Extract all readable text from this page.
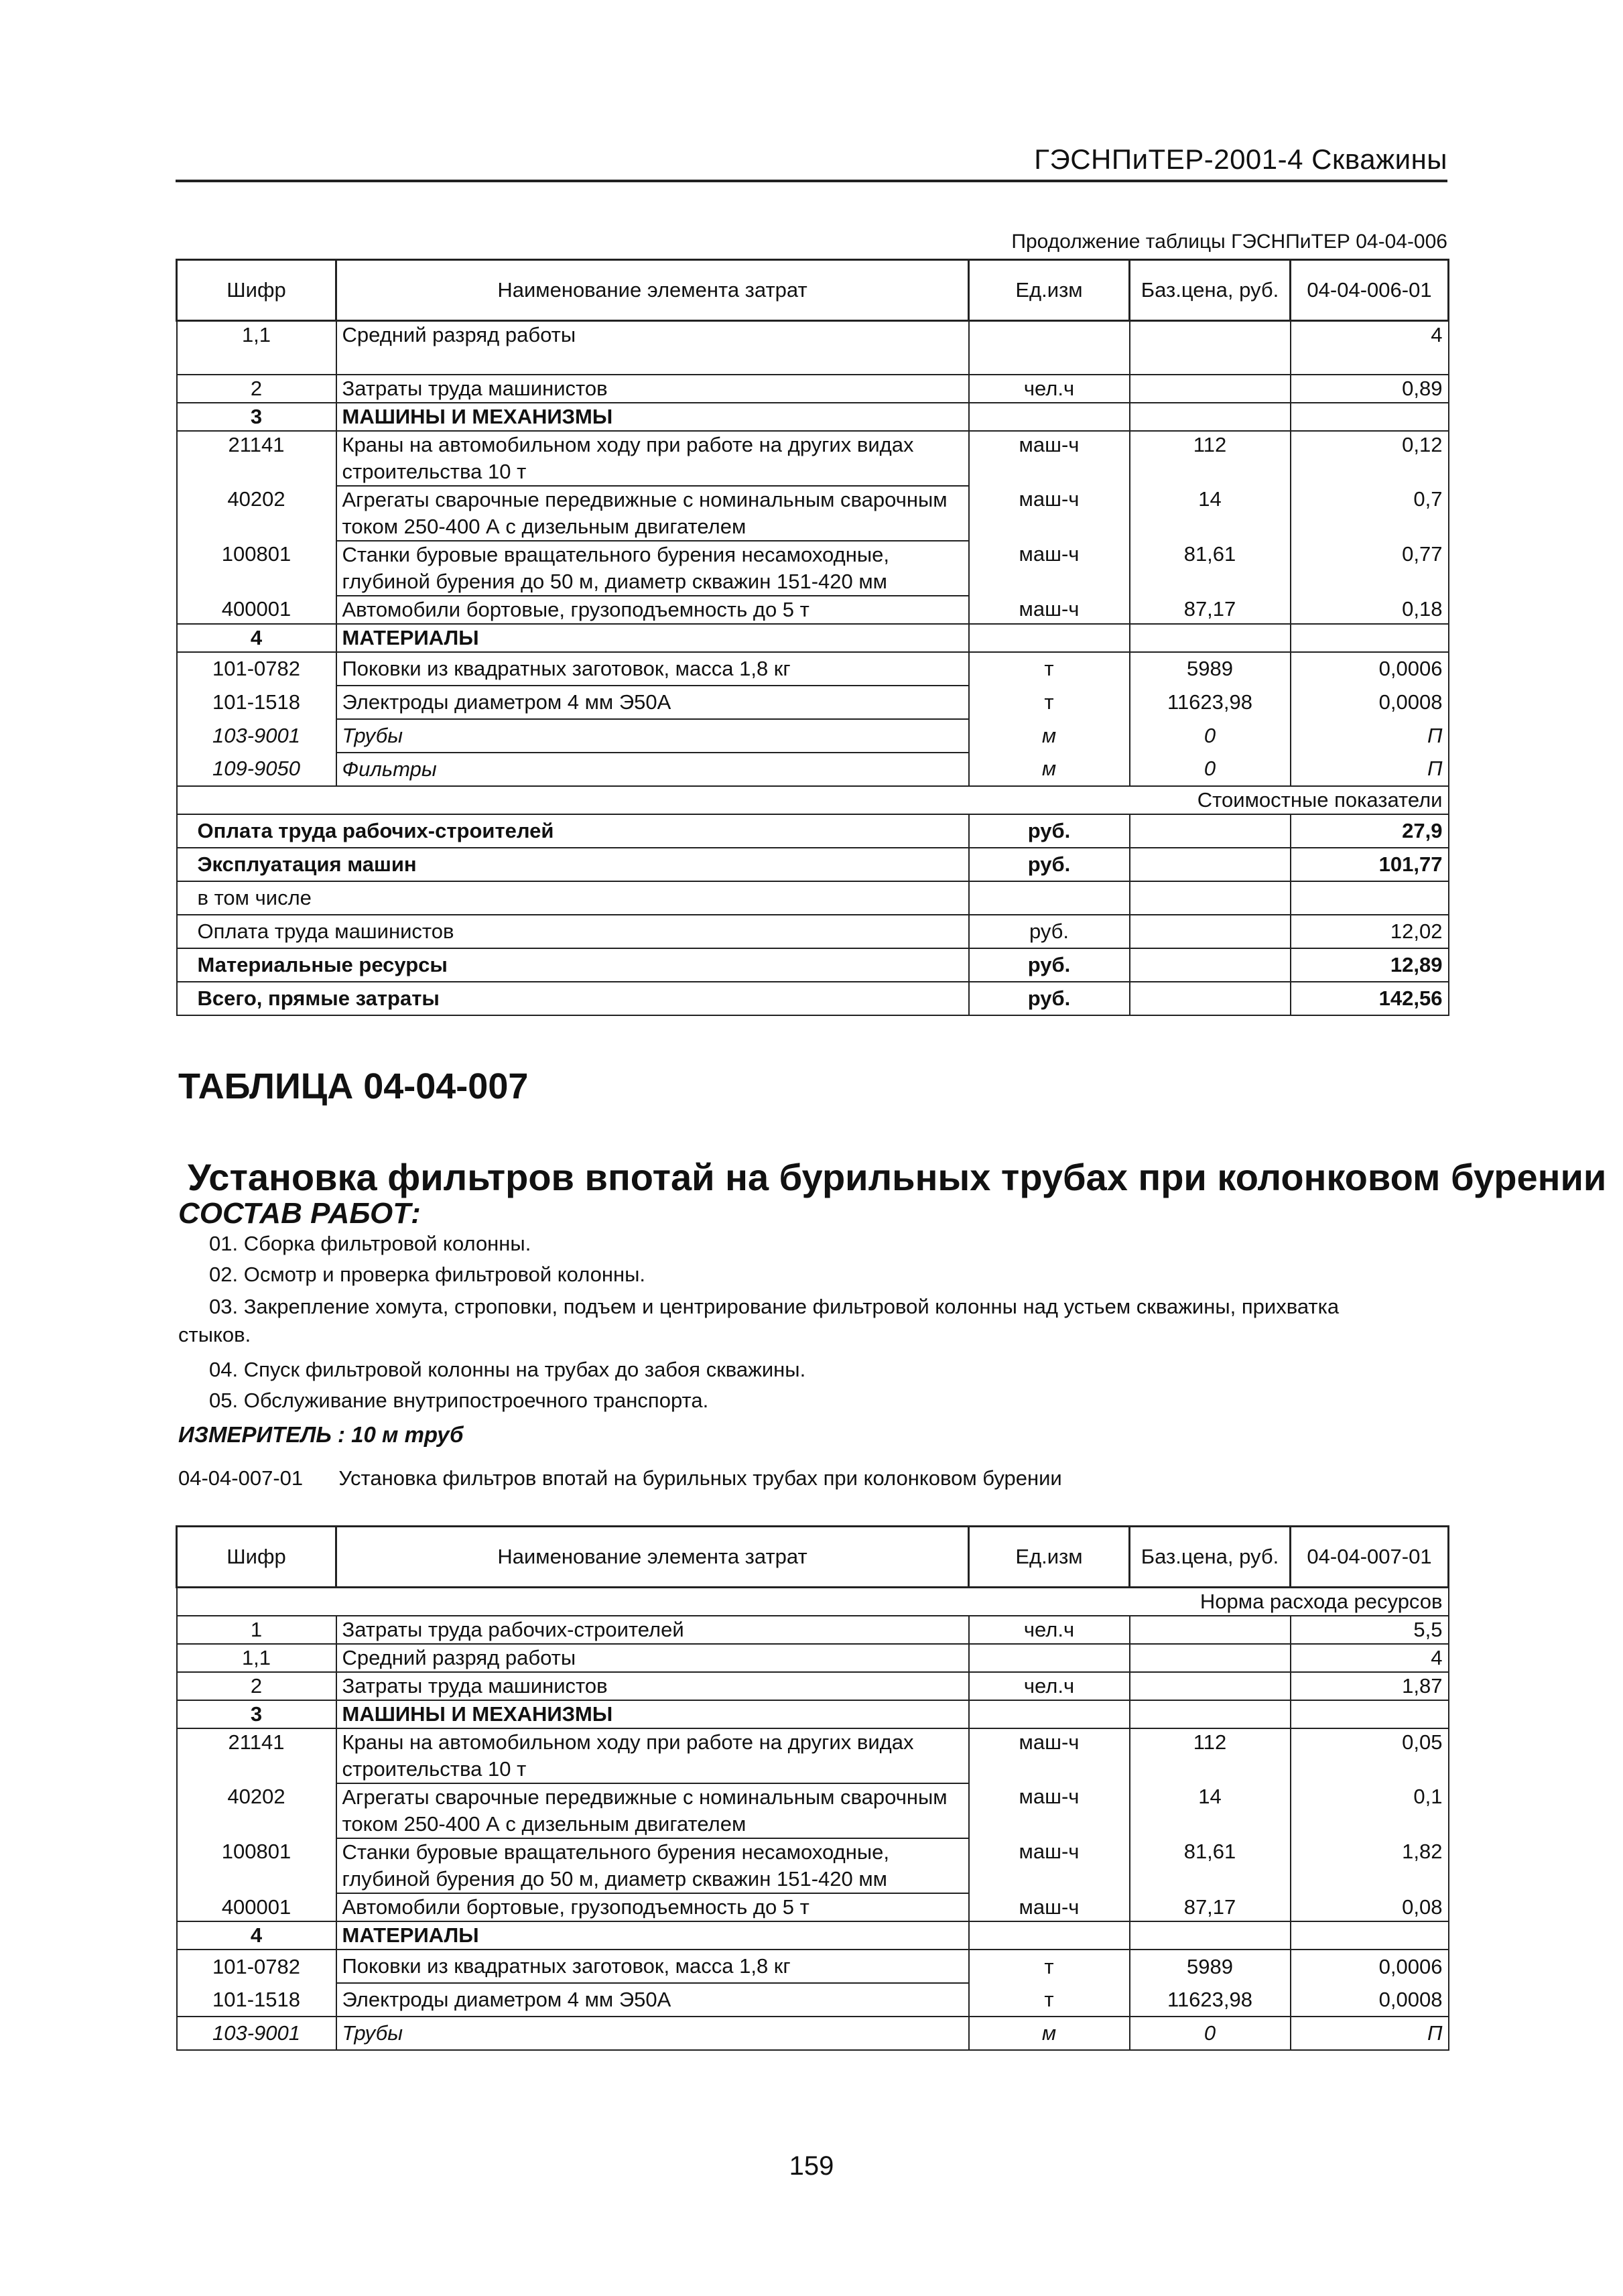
ГЭСНПиТЕР-2001-4 Скважины
Продолжение таблицы ГЭСНПиТЕР 04-04-006
Шифр	Наименование элемента затрат	Ед.изм	Баз.цена, руб.	04-04-006-01
1,1	Средний разряд работы			4
2	Затраты труда машинистов	чел.ч		0,89
3	МАШИНЫ И МЕХАНИЗМЫ			
21141	Краны на автомобильном ходу при работе на других видах строительства 10 т	маш-ч	112	0,12
40202	Агрегаты сварочные передвижные с номинальным сварочным током 250-400 А с дизельным двигателем	маш-ч	14	0,7
100801	Станки буровые вращательного бурения несамоходные, глубиной бурения до 50 м, диаметр скважин 151-420 мм	маш-ч	81,61	0,77
400001	Автомобили бортовые, грузоподъемность до 5 т	маш-ч	87,17	0,18
4	МАТЕРИАЛЫ			
101-0782	Поковки из квадратных заготовок, масса 1,8 кг	т	5989	0,0006
101-1518	Электроды диаметром 4 мм Э50А	т	11623,98	0,0008
103-9001	Трубы	м	0	П
109-9050	Фильтры	м	0	П
Стоимостные показатели				
Оплата труда рабочих-строителей		руб.		27,9
Эксплуатация машин		руб.		101,77
в том числе				
Оплата труда машинистов		руб.		12,02
Материальные ресурсы		руб.		12,89
Всего, прямые затраты		руб.		142,56
ТАБЛИЦА 04-04-007
Установка фильтров впотай на бурильных трубах при колонковом бурении
СОСТАВ РАБОТ:
01. Сборка фильтровой колонны.
02. Осмотр и проверка фильтровой колонны.
03. Закрепление хомута, строповки, подъем и центрирование фильтровой колонны над устьем скважины, прихватка
стыков.
04. Спуск фильтровой колонны на трубах до забоя скважины.
05. Обслуживание внутрипостроечного транспорта.
ИЗМЕРИТЕЛЬ : 10 м труб
04-04-007-01 Установка фильтров впотай на бурильных трубах при колонковом бурении
Шифр	Наименование элемента затрат	Ед.изм	Баз.цена, руб.	04-04-007-01
Норма расхода ресурсов				
1	Затраты труда рабочих-строителей	чел.ч		5,5
1,1	Средний разряд работы			4
2	Затраты труда машинистов	чел.ч		1,87
3	МАШИНЫ И МЕХАНИЗМЫ			
21141	Краны на автомобильном ходу при работе на других видах строительства 10 т	маш-ч	112	0,05
40202	Агрегаты сварочные передвижные с номинальным сварочным током 250-400 А с дизельным двигателем	маш-ч	14	0,1
100801	Станки буровые вращательного бурения несамоходные, глубиной бурения до 50 м, диаметр скважин 151-420 мм	маш-ч	81,61	1,82
400001	Автомобили бортовые, грузоподъемность до 5 т	маш-ч	87,17	0,08
4	МАТЕРИАЛЫ			
101-0782	Поковки из квадратных заготовок, масса 1,8 кг	т	5989	0,0006
101-1518	Электроды диаметром 4 мм Э50А	т	11623,98	0,0008
103-9001	Трубы	м	0	П
159
